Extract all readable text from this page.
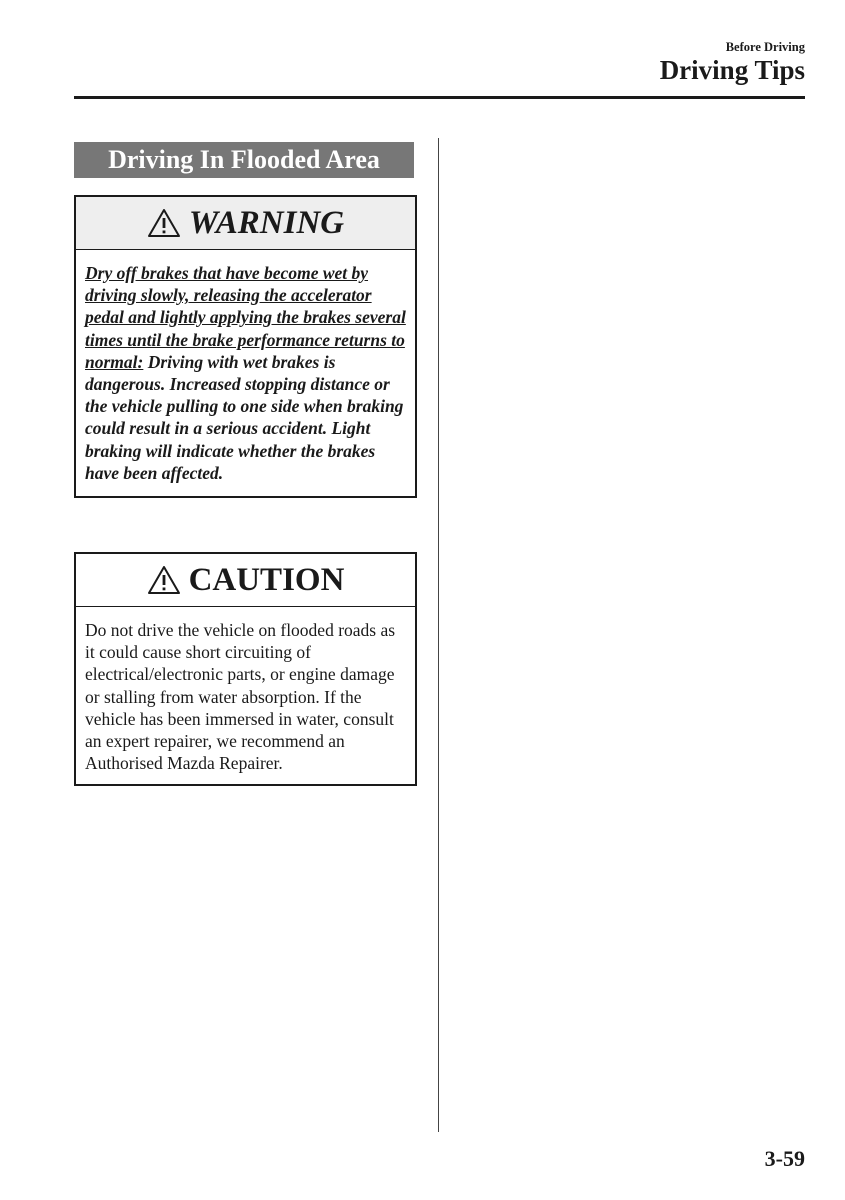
Before Driving
Driving Tips
Driving In Flooded Area
WARNING
Dry off brakes that have become wet by driving slowly, releasing the accelerator pedal and lightly applying the brakes several times until the brake performance returns to normal: Driving with wet brakes is dangerous. Increased stopping distance or the vehicle pulling to one side when braking could result in a serious accident. Light braking will indicate whether the brakes have been affected.
CAUTION
Do not drive the vehicle on flooded roads as it could cause short circuiting of electrical/electronic parts, or engine damage or stalling from water absorption. If the vehicle has been immersed in water, consult an expert repairer, we recommend an Authorised Mazda Repairer.
3-59
